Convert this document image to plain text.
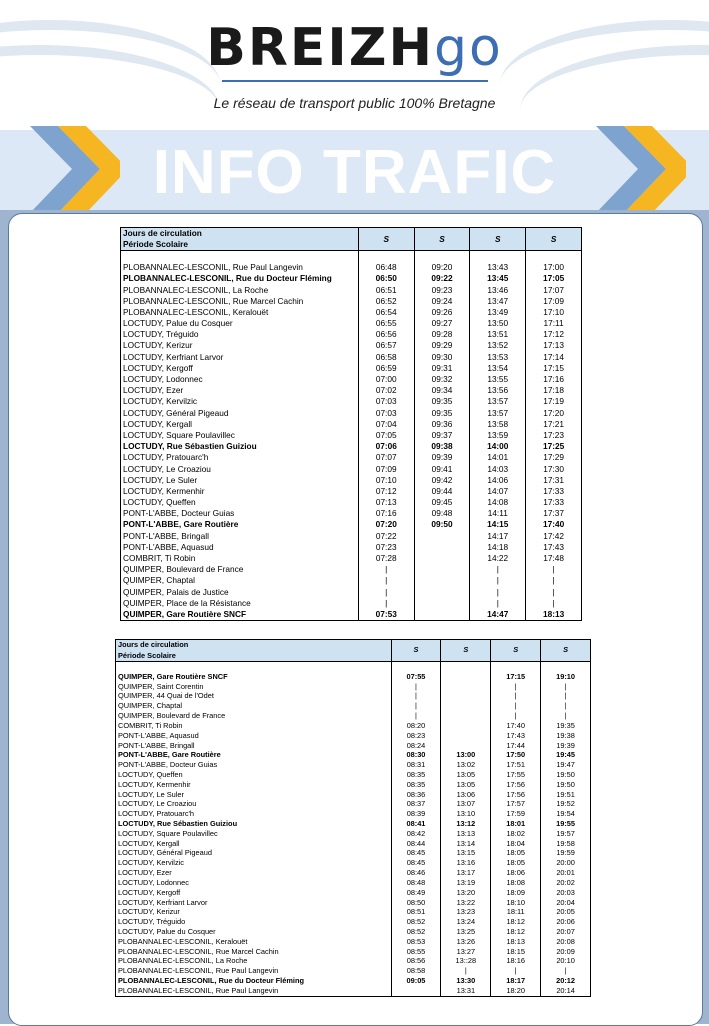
BREIZHgo
Le réseau de transport public 100% Bretagne
INFO TRAFIC
Jours de circulation	S	S	S	S
Période Scolaire				

PLOBANNALEC-LESCONIL, Rue Paul Langevin	06:48	09:20	13:43	17:00
PLOBANNALEC-LESCONIL, Rue du Docteur Fléming	06:50	09:22	13:45	17:05
PLOBANNALEC-LESCONIL, La Roche	06:51	09:23	13:46	17:07
PLOBANNALEC-LESCONIL, Rue Marcel Cachin	06:52	09:24	13:47	17:09
PLOBANNALEC-LESCONIL, Keralouët	06:54	09:26	13:49	17:10
LOCTUDY, Palue du Cosquer	06:55	09:27	13:50	17:11
LOCTUDY, Tréguido	06:56	09:28	13:51	17:12
LOCTUDY, Kerizur	06:57	09:29	13:52	17:13
LOCTUDY, Kerfriant Larvor	06:58	09:30	13:53	17:14
LOCTUDY, Kergoff	06:59	09:31	13:54	17:15
LOCTUDY, Lodonnec	07:00	09:32	13:55	17:16
LOCTUDY, Ezer	07:02	09:34	13:56	17:18
LOCTUDY, Kervilzic	07:03	09:35	13:57	17:19
LOCTUDY, Général Pigeaud	07:03	09:35	13:57	17:20
LOCTUDY, Kergall	07:04	09:36	13:58	17:21
LOCTUDY, Square Poulavillec	07:05	09:37	13:59	17:23
LOCTUDY, Rue Sébastien Guiziou	07:06	09:38	14:00	17:25
LOCTUDY, Pratouarc'h	07:07	09:39	14:01	17:29
LOCTUDY, Le Croaziou	07:09	09:41	14:03	17:30
LOCTUDY, Le Suler	07:10	09:42	14:06	17:31
LOCTUDY, Kermenhir	07:12	09:44	14:07	17:33
LOCTUDY, Queffen	07:13	09:45	14:08	17:33
PONT-L'ABBE, Docteur Guias	07:16	09:48	14:11	17:37
PONT-L'ABBE, Gare Routière	07:20	09:50	14:15	17:40
PONT-L'ABBE, Bringall	07:22		14:17	17:42
PONT-L'ABBE, Aquasud	07:23		14:18	17:43
COMBRIT, Ti Robin	07:28		14:22	17:48
QUIMPER, Boulevard de France	|		|	|
QUIMPER, Chaptal	|		|	|
QUIMPER, Palais de Justice	|		|	|
QUIMPER, Place de la Résistance	|		|	|
QUIMPER, Gare Routière SNCF	07:53		14:47	18:13
Jours de circulation	S	S	S	S
Période Scolaire				

QUIMPER, Gare Routière SNCF	07:55		17:15	19:10
QUIMPER, Saint Corentin	|		|	|
QUIMPER, 44 Quai de l'Odet	|		|	|
QUIMPER, Chaptal	|		|	|
QUIMPER, Boulevard de France	|		|	|
COMBRIT, Ti Robin	08:20		17:40	19:35
PONT-L'ABBE, Aquasud	08:23		17:43	19:38
PONT-L'ABBE, Bringall	08:24		17:44	19:39
PONT-L'ABBE, Gare Routière	08:30	13:00	17:50	19:45
PONT-L'ABBE, Docteur Guias	08:31	13:02	17:51	19:47
LOCTUDY, Queffen	08:35	13:05	17:55	19:50
LOCTUDY, Kermenhir	08:35	13:05	17:56	19:50
LOCTUDY, Le Suler	08:36	13:06	17:56	19:51
LOCTUDY, Le Croaziou	08:37	13:07	17:57	19:52
LOCTUDY, Pratouarc'h	08:39	13:10	17:59	19:54
LOCTUDY, Rue Sébastien Guiziou	08:41	13:12	18:01	19:55
LOCTUDY, Square Poulavillec	08:42	13:13	18:02	19:57
LOCTUDY, Kergall	08:44	13:14	18:04	19:58
LOCTUDY, Général Pigeaud	08:45	13:15	18:05	19:59
LOCTUDY, Kervilzic	08:45	13:16	18:05	20:00
LOCTUDY, Ezer	08:46	13:17	18:06	20:01
LOCTUDY, Lodonnec	08:48	13:19	18:08	20:02
LOCTUDY, Kergoff	08:49	13:20	18:09	20:03
LOCTUDY, Kerfriant Larvor	08:50	13:22	18:10	20:04
LOCTUDY, Kerizur	08:51	13:23	18:11	20:05
LOCTUDY, Tréguido	08:52	13:24	18:12	20:06
LOCTUDY, Palue du Cosquer	08:52	13:25	18:12	20:07
PLOBANNALEC-LESCONIL, Keralouët	08:53	13:26	18:13	20:08
PLOBANNALEC-LESCONIL, Rue Marcel Cachin	08:55	13:27	18:15	20:09
PLOBANNALEC-LESCONIL, La Roche	08:56	13::28	18:16	20:10
PLOBANNALEC-LESCONIL, Rue Paul Langevin	08:58	|	|	|
PLOBANNALEC-LESCONIL, Rue du Docteur Fléming	09:05	13:30	18:17	20:12
PLOBANNALEC-LESCONIL, Rue Paul Langevin		13:31	18:20	20:14
